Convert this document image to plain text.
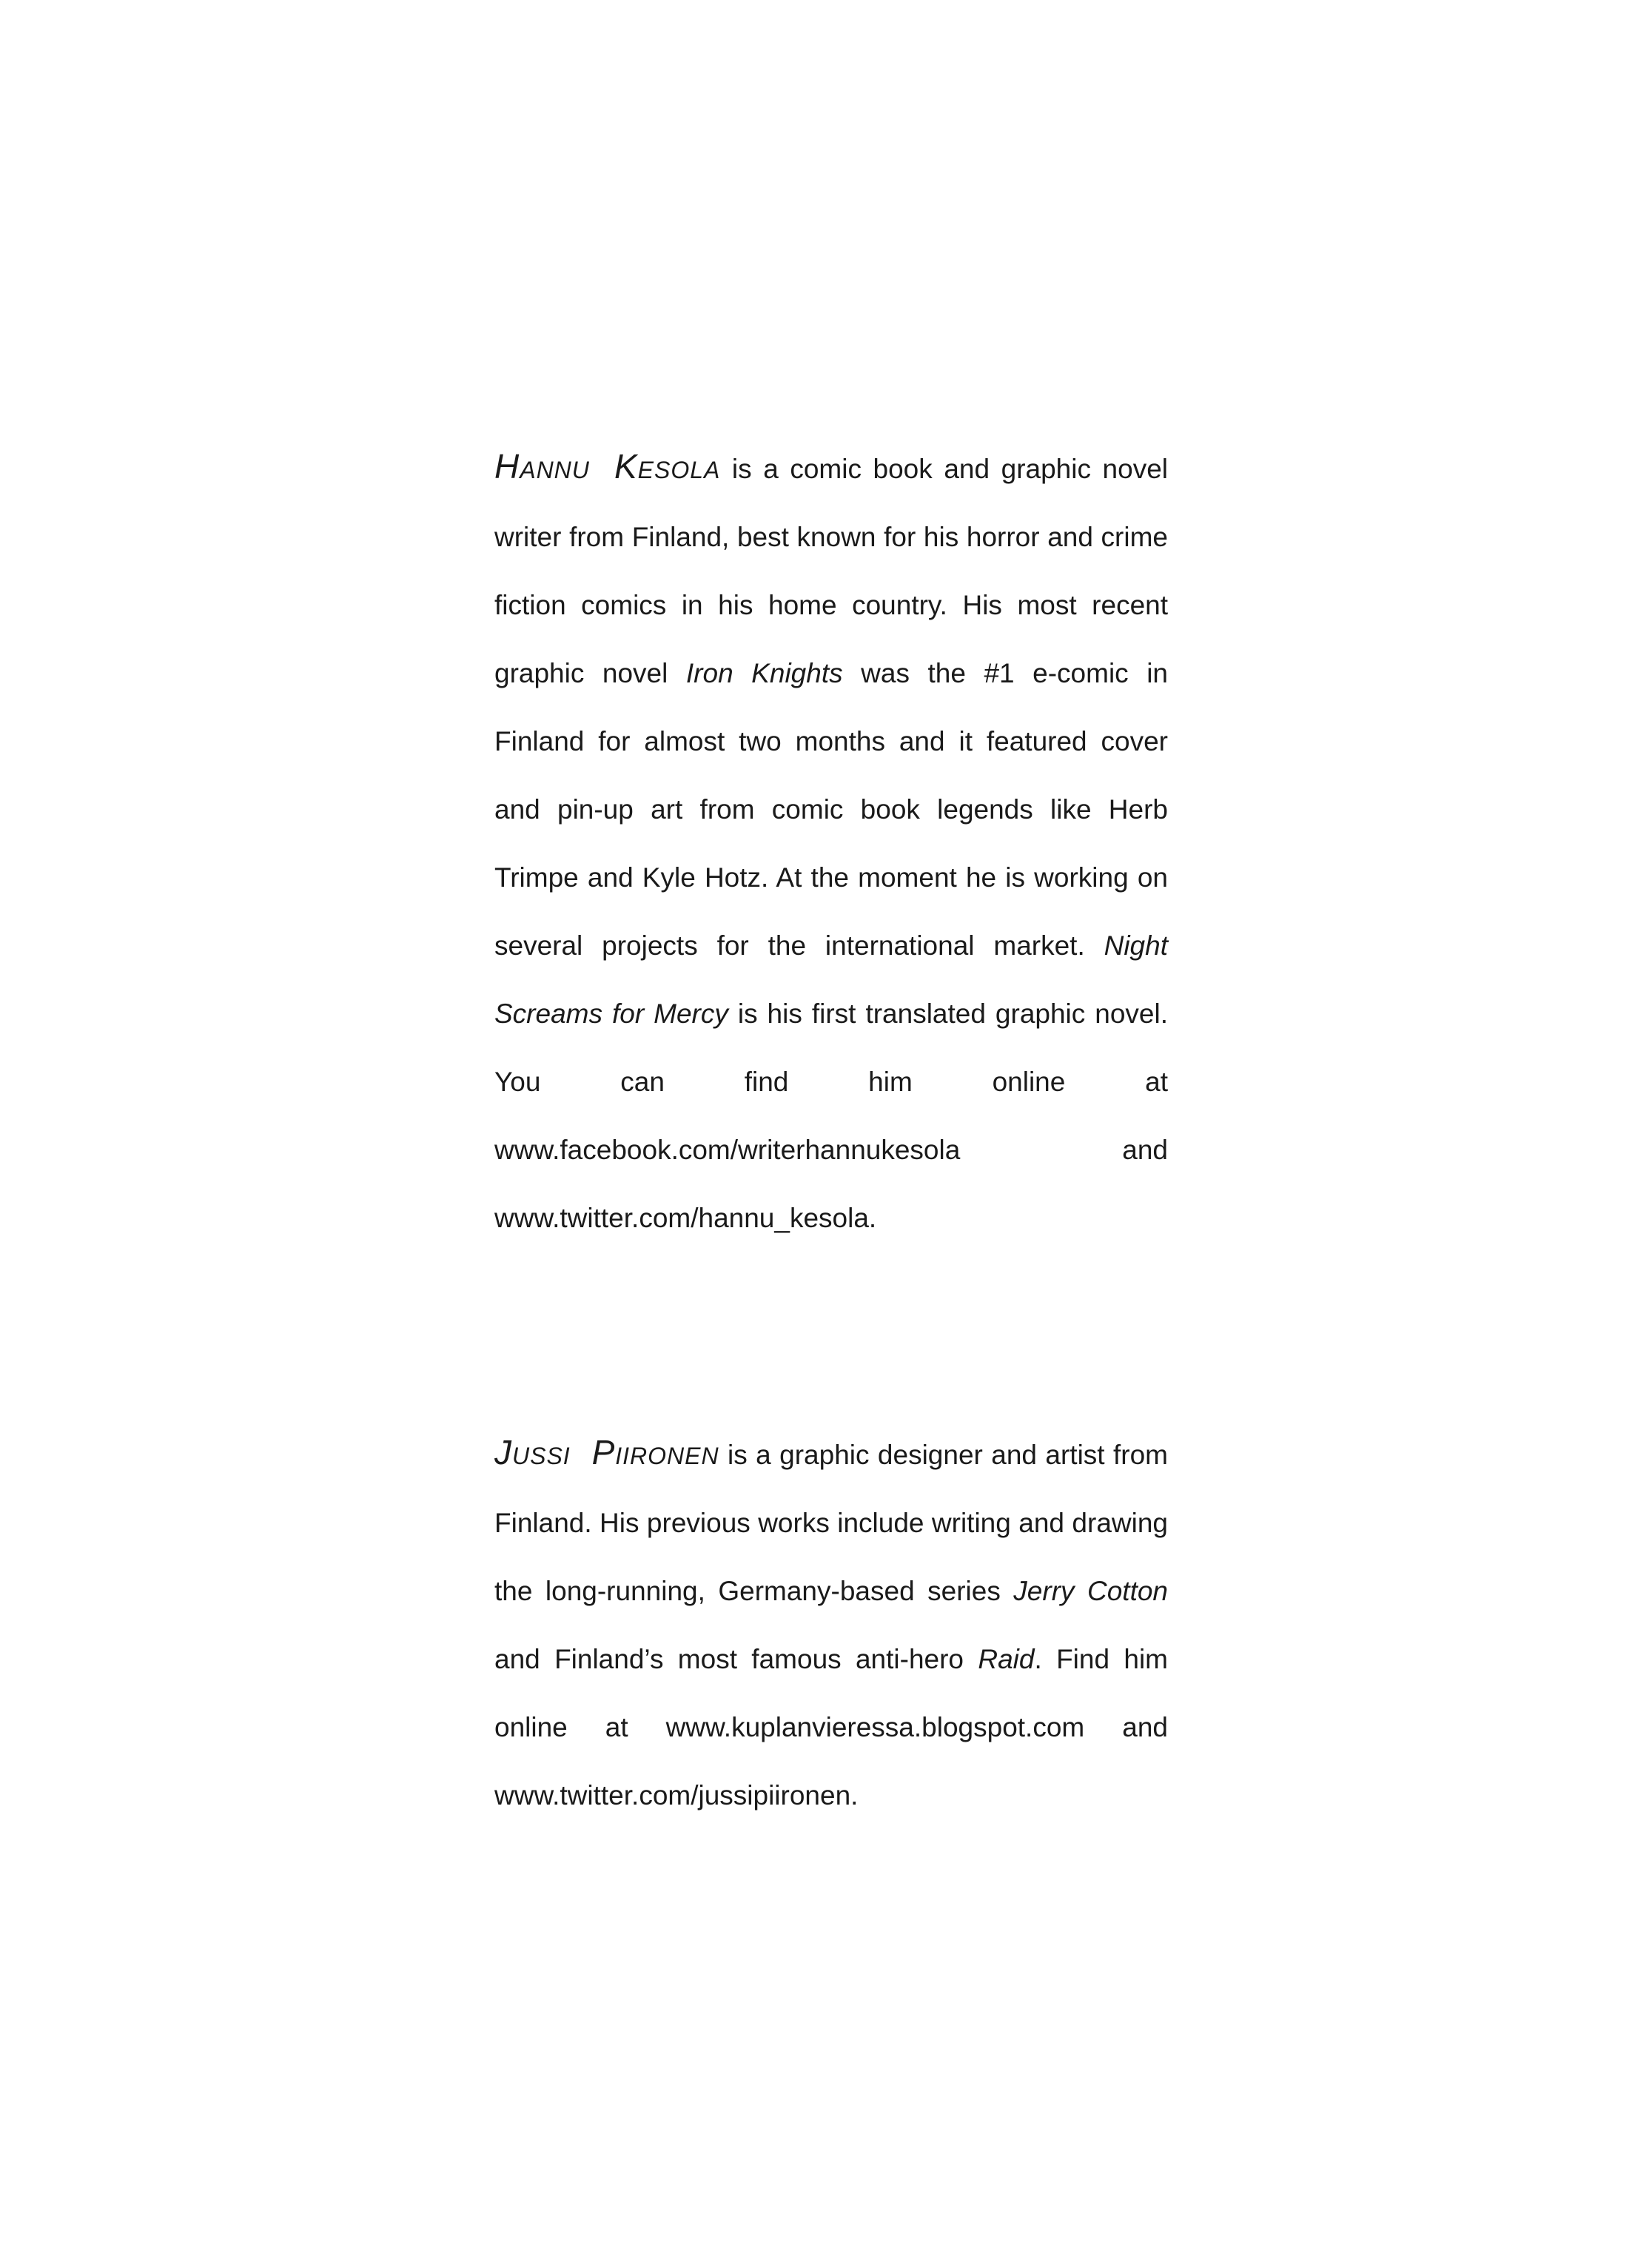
Hannu Kesola is a comic book and graphic novel writer from Finland, best known for his horror and crime fiction comics in his home country. His most recent graphic novel Iron Knights was the #1 e-comic in Finland for almost two months and it featured cover and pin-up art from comic book legends like Herb Trimpe and Kyle Hotz. At the moment he is working on several projects for the international market. Night Screams for Mercy is his first translated graphic novel. You can find him online at www.facebook.com/writerhannukesola and www.twitter.com/hannu_kesola.

Jussi Piironen is a graphic designer and artist from Finland. His previous works include writing and drawing the long-running, Germany-based series Jerry Cotton and Finland’s most famous anti-hero Raid. Find him online at www.kuplanvieressa.blogspot.com and www.twitter.com/jussipiironen.
